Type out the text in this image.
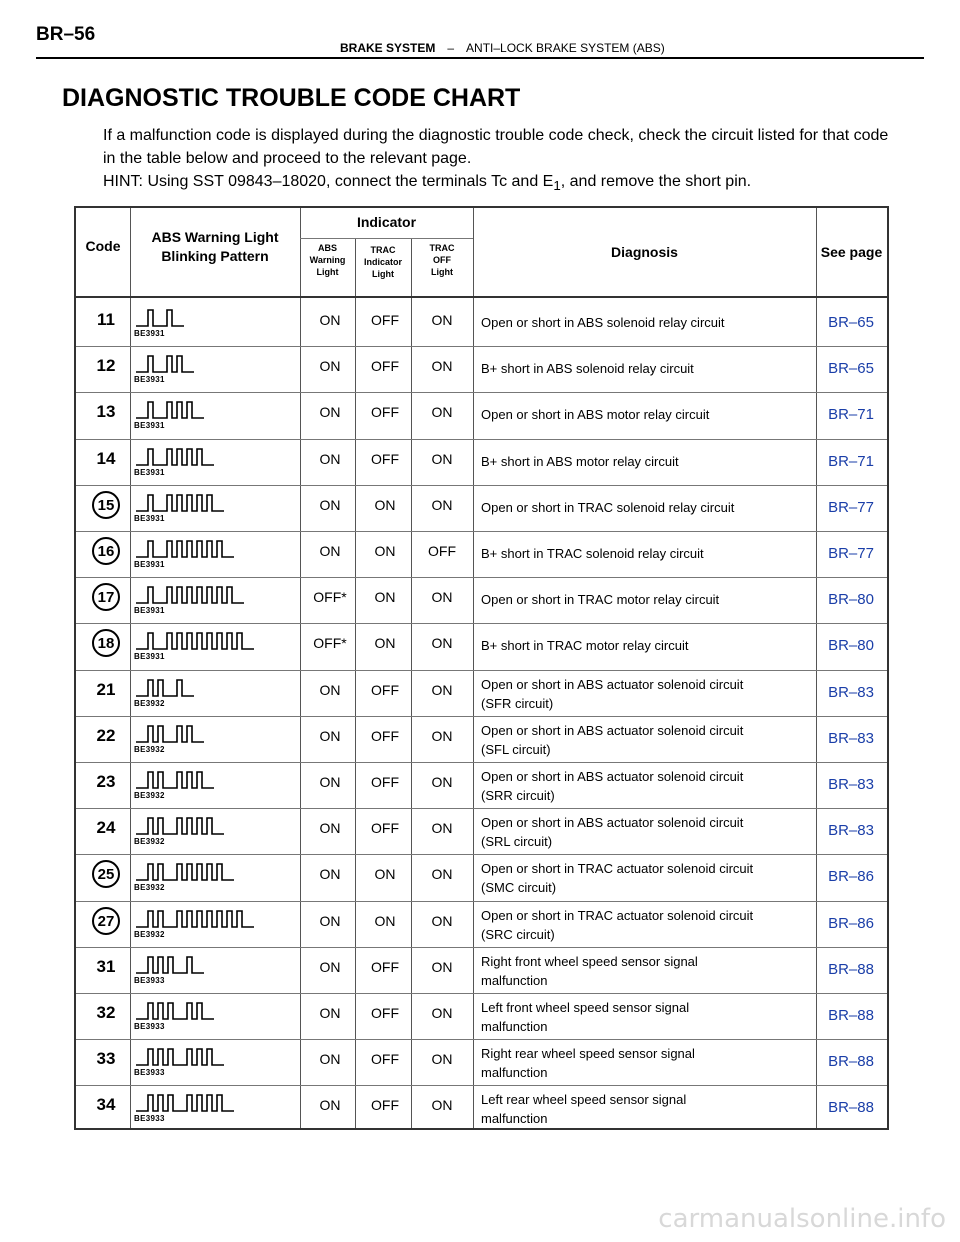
BR–56
BRAKE SYSTEM – ANTI–LOCK BRAKE SYSTEM (ABS)
DIAGNOSTIC TROUBLE CODE CHART

If a malfunction code is displayed during the diagnostic trouble code check, check the circuit listed for that code in the table below and proceed to the relevant page.

HINT: Using SST 09843–18020, connect the terminals Tc and $E_1$, and remove the short pin.

Code
ABS Warning Light
Blinking Pattern
Indicator
ABS
Warning
Light
TRAC
Indicator
Light
TRAC
OFF
Light
Diagnosis	See page
11
BE3931
ON	OFF	ON	Open or short in ABS solenoid relay circuit	BR–65
12
BE3931
ON	OFF	ON	B+ short in ABS solenoid relay circuit	BR–65
13
BE3931
ON	OFF	ON	Open or short in ABS motor relay circuit	BR–71
14
BE3931
ON	OFF	ON	B+ short in ABS motor relay circuit	BR–71
15
BE3931
ON	ON	ON	Open or short in TRAC solenoid relay circuit	BR–77
16
BE3931
ON	ON	OFF	B+ short in TRAC solenoid relay circuit	BR–77
17
BE3931
OFF*	ON	ON	Open or short in TRAC motor relay circuit	BR–80
18
BE3931
OFF*	ON	ON	B+ short in TRAC motor relay circuit	BR–80
21
BE3932
ON	OFF	ON	Open or short in ABS actuator solenoid circuit
(SFR circuit)
BR–83
22
BE3932
ON	OFF	ON	Open or short in ABS actuator solenoid circuit
(SFL circuit)
BR–83
23
BE3932
ON	OFF	ON	Open or short in ABS actuator solenoid circuit
(SRR circuit)
BR–83
24
BE3932
ON	OFF	ON	Open or short in ABS actuator solenoid circuit
(SRL circuit)
BR–83
25
BE3932
ON	ON	ON	Open or short in TRAC actuator solenoid circuit
(SMC circuit)
BR–86
27
BE3932
ON	ON	ON	Open or short in TRAC actuator solenoid circuit
(SRC circuit)
BR–86
31
BE3933
ON	OFF	ON	Right front wheel speed sensor signal
malfunction
BR–88
32
BE3933
ON	OFF	ON	Left front wheel speed sensor signal
malfunction
BR–88
33
BE3933
ON	OFF	ON	Right rear wheel speed sensor signal
malfunction
BR–88
34
BE3933
ON	OFF	ON	Left rear wheel speed sensor signal
malfunction
BR–88
carmanualsonline.info
